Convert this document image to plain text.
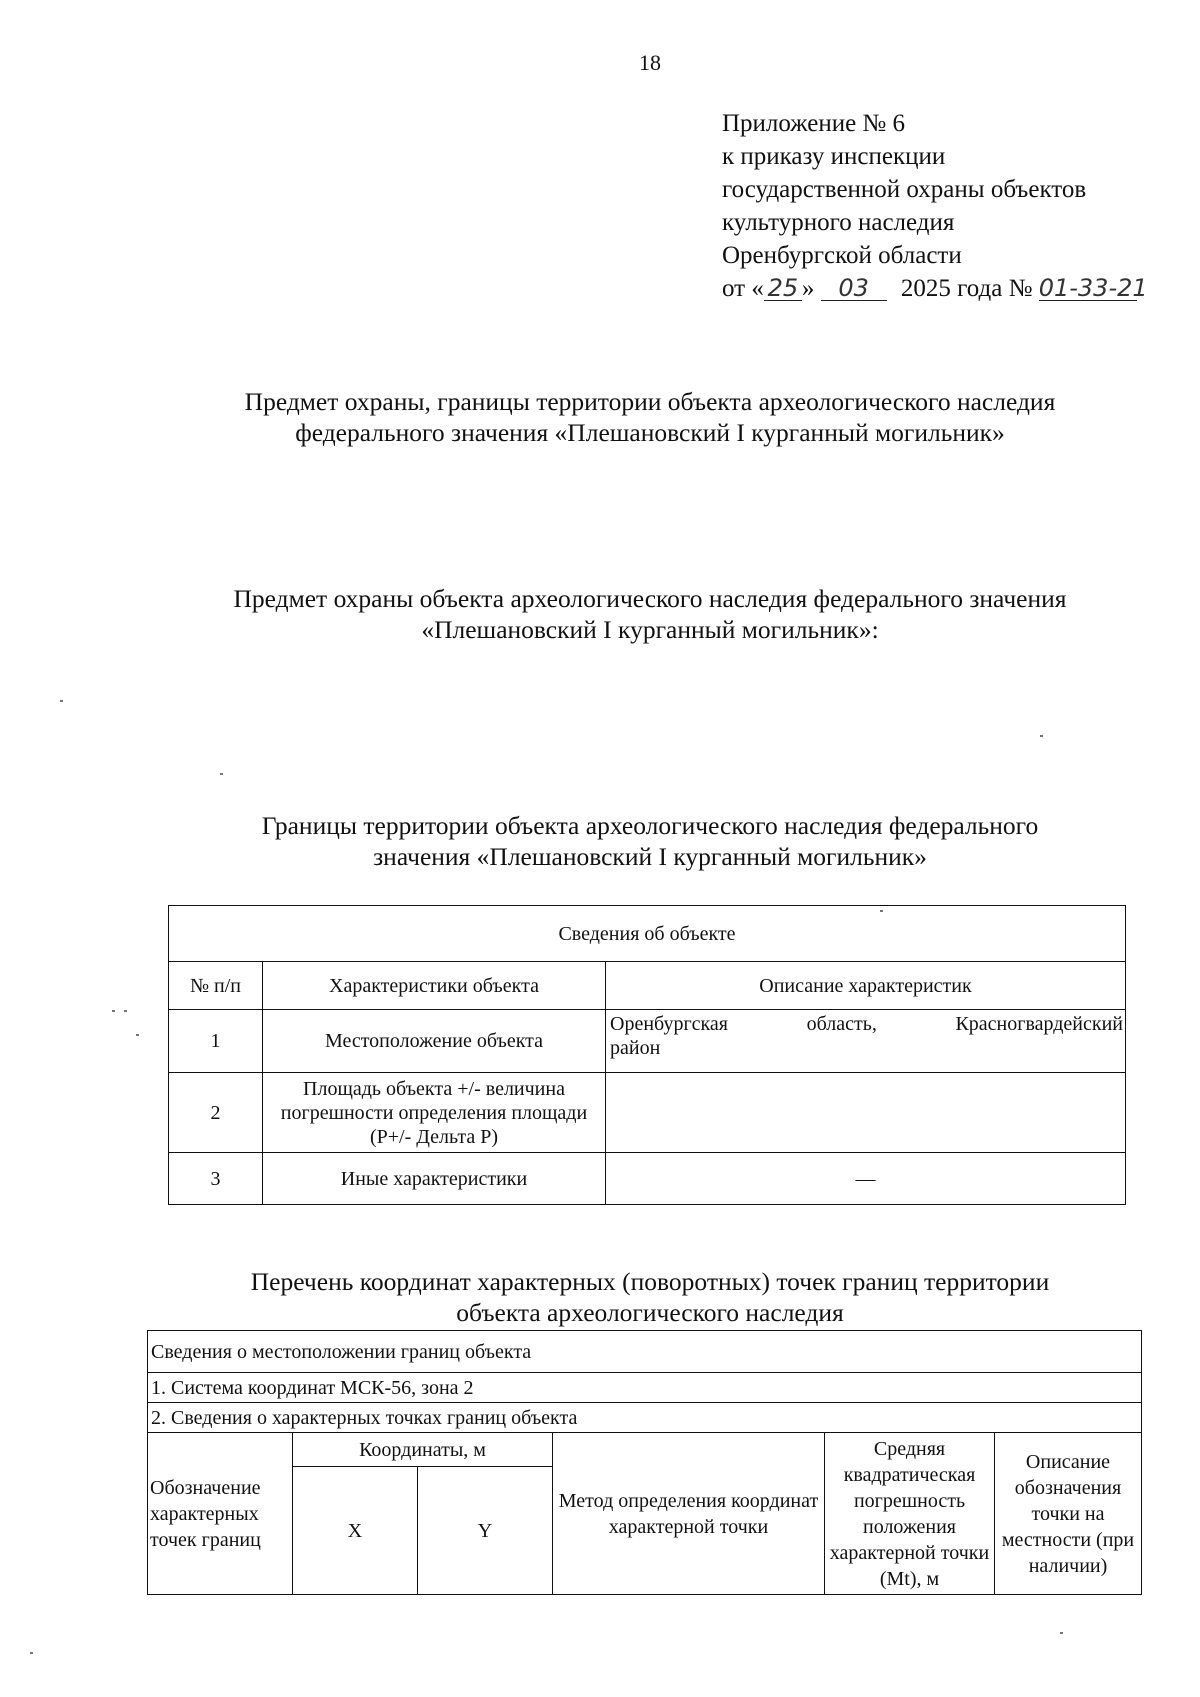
18
Приложение № 6
к приказу инспекции
государственной охраны объектов
культурного наследия
Оренбургской области
от « 25 » 03 2025 года № 01-33-21
Предмет охраны, границы территории объекта археологического наследия
федерального значения «Плешановский I курганный могильник»
Предмет охраны объекта археологического наследия федерального значения
«Плешановский I курганный могильник»:
Границы территории объекта археологического наследия федерального
значения «Плешановский I курганный могильник»
Сведения об объекте		
№ п/п	Характеристики объекта	Описание характеристик
1	Местоположение объекта	Оренбургская область, Красногвардейский
район

2	Площадь объекта +/- величина погрешности определения площади (Р+/- Дельта Р)	
3	Иные характеристики	—
Перечень координат характерных (поворотных) точек границ территории
объекта археологического наследия
Сведения о местоположении границ объекта					
1. Система координат МСК-56, зона 2					
2. Сведения о характерных точках границ объекта					
Обозначение характерных точек границ	Координаты, м		Метод определения координат характерной точки	Средняя квадратическая погрешность положения характерной точки (Mt), м	Описание обозначения точки на местности (при наличии)
	X	Y			
